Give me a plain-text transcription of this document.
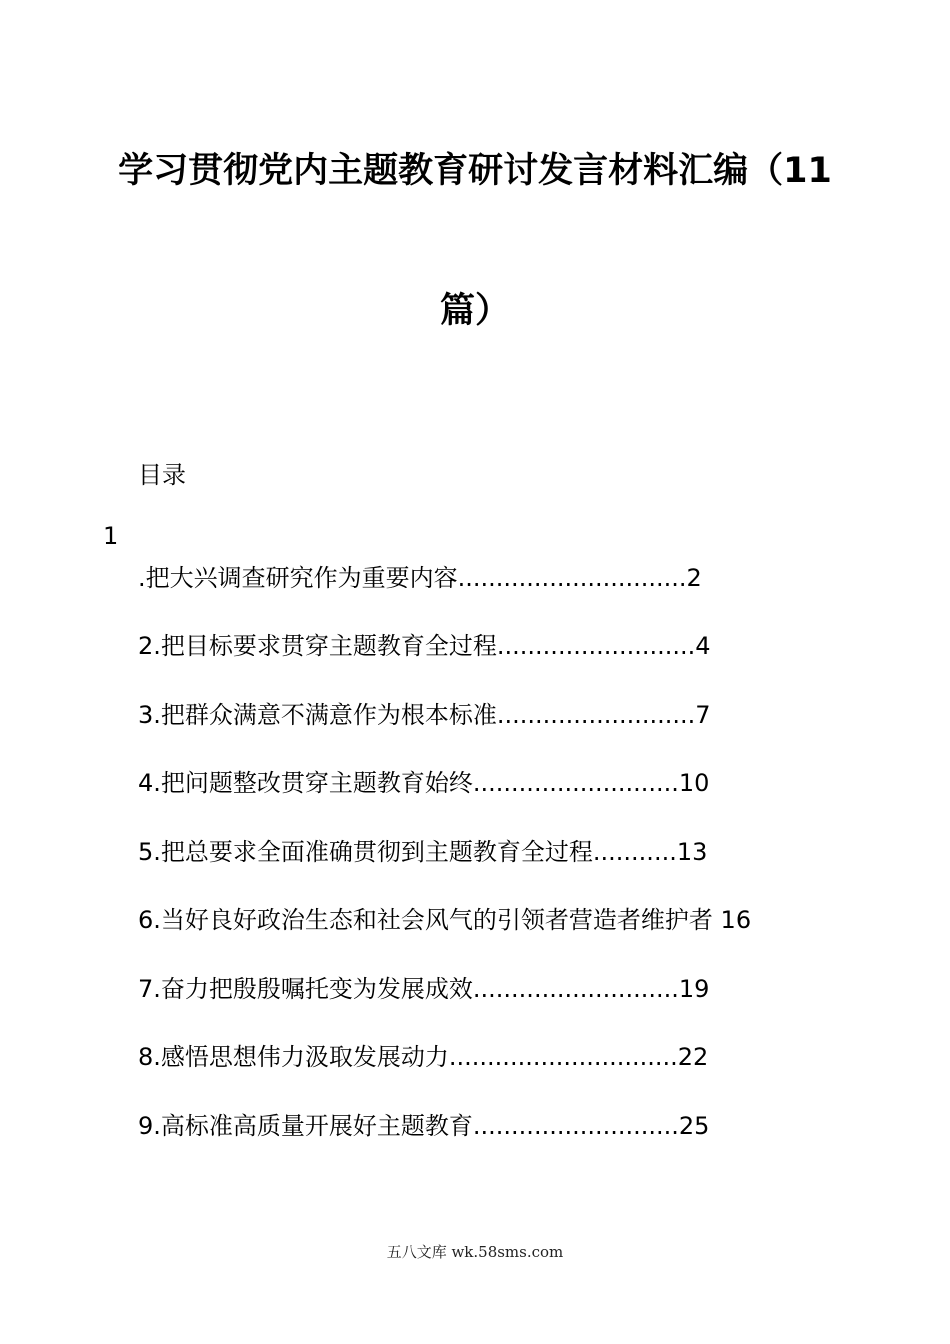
学习贯彻党内主题教育研讨发言材料汇编（11
篇）
目录
1
.把大兴调查研究作为重要内容..............................2
2.把目标要求贯穿主题教育全过程..........................4
3.把群众满意不满意作为根本标准..........................7
4.把问题整改贯穿主题教育始终...........................10
5.把总要求全面准确贯彻到主题教育全过程...........13
6.当好良好政治生态和社会风气的引领者营造者维护者 16
7.奋力把殷殷嘱托变为发展成效...........................19
8.感悟思想伟力汲取发展动力..............................22
9.高标准高质量开展好主题教育...........................25
五八文库 wk.58sms.com
